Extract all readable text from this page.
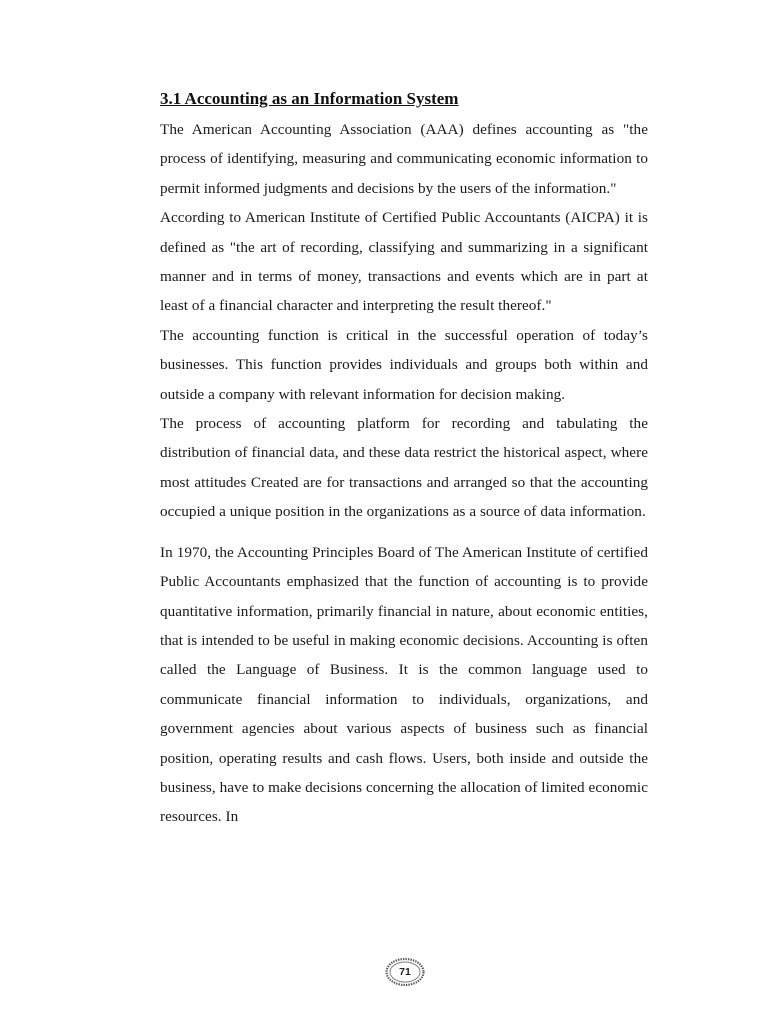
3.1 Accounting as an Information System

The American Accounting Association (AAA) defines accounting as "the process of identifying, measuring and communicating economic information to permit informed judgments and decisions by the users of the information."

According to American Institute of Certified Public Accountants (AICPA) it is defined as "the art of recording, classifying and summarizing in a significant manner and in terms of money, transactions and events which are in part at least of a financial character and interpreting the result thereof."

The accounting function is critical in the successful operation of today’s businesses. This function provides individuals and groups both within and outside a company with relevant information for decision making.

The process of accounting platform for recording and tabulating the distribution of financial data, and these data restrict the historical aspect, where most attitudes Created are for transactions and arranged so that the accounting occupied a unique position in the organizations as a source of data information.

In 1970, the Accounting Principles Board of The American Institute of certified Public Accountants emphasized that the function of accounting is to provide quantitative information, primarily financial in nature, about economic entities, that is intended to be useful in making economic decisions. Accounting is often called the Language of Business. It is the common language used to communicate financial information to individuals, organizations, and government agencies about various aspects of business such as financial position, operating results and cash flows. Users, both inside and outside the business, have to make decisions concerning the allocation of limited economic resources. In

71
